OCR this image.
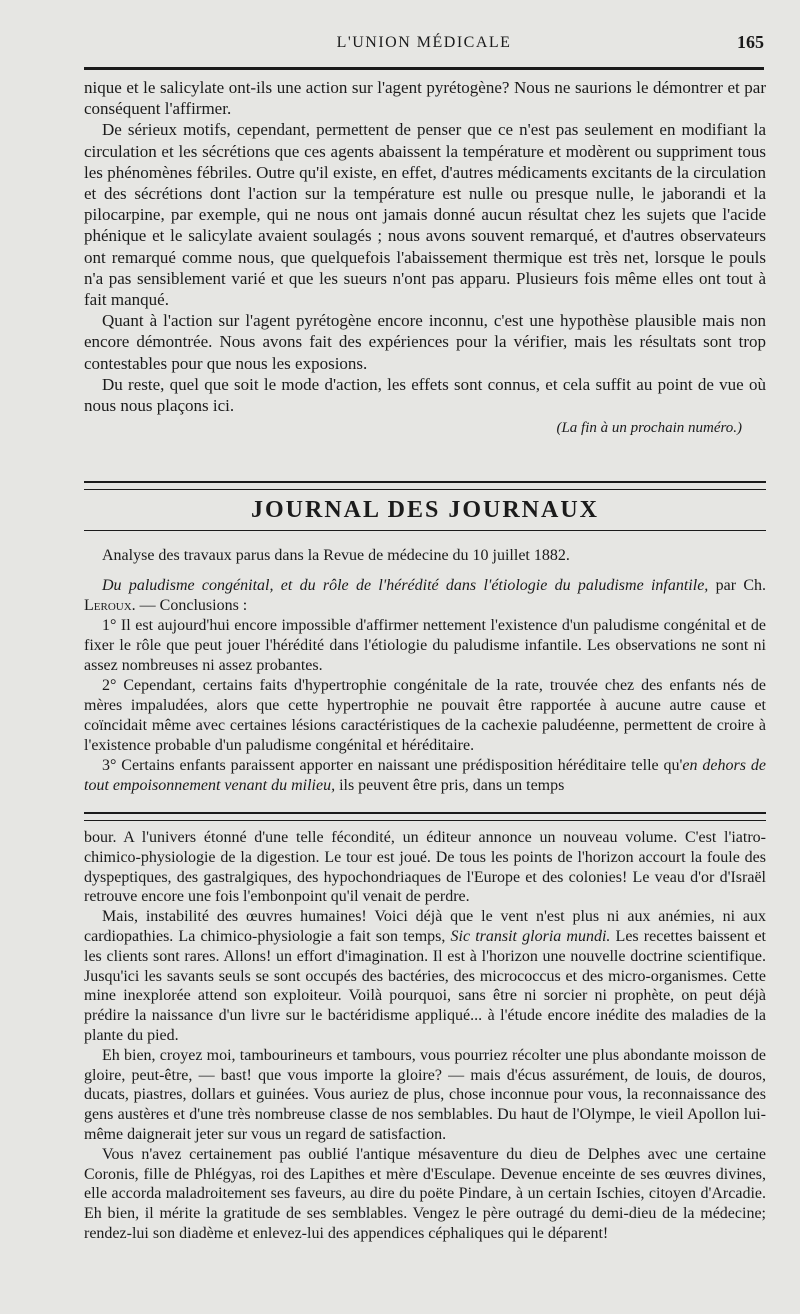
L'UNION MÉDICALE	165

nique et le salicylate ont-ils une action sur l'agent pyrétogène? Nous ne saurions le démontrer et par conséquent l'affirmer.

De sérieux motifs, cependant, permettent de penser que ce n'est pas seulement en modifiant la circulation et les sécrétions que ces agents abaissent la température et modèrent ou suppriment tous les phénomènes fébriles. Outre qu'il existe, en effet, d'autres médicaments excitants de la circulation et des sécrétions dont l'action sur la température est nulle ou presque nulle, le jaborandi et la pilocarpine, par exemple, qui ne nous ont jamais donné aucun résultat chez les sujets que l'acide phénique et le salicylate avaient soulagés ; nous avons souvent remarqué, et d'autres observateurs ont remarqué comme nous, que quelquefois l'abaissement thermique est très net, lorsque le pouls n'a pas sensiblement varié et que les sueurs n'ont pas apparu. Plusieurs fois même elles ont tout à fait manqué.

Quant à l'action sur l'agent pyrétogène encore inconnu, c'est une hypothèse plausible mais non encore démontrée. Nous avons fait des expériences pour la vérifier, mais les résultats sont trop contestables pour que nous les exposions.

Du reste, quel que soit le mode d'action, les effets sont connus, et cela suffit au point de vue où nous nous plaçons ici.

(La fin à un prochain numéro.)

JOURNAL DES JOURNAUX

Analyse des travaux parus dans la Revue de médecine du 10 juillet 1882.

Du paludisme congénital, et du rôle de l'hérédité dans l'étiologie du paludisme infantile, par Ch. Leroux. — Conclusions :

1° Il est aujourd'hui encore impossible d'affirmer nettement l'existence d'un paludisme congénital et de fixer le rôle que peut jouer l'hérédité dans l'étiologie du paludisme infantile. Les observations ne sont ni assez nombreuses ni assez probantes.

2° Cependant, certains faits d'hypertrophie congénitale de la rate, trouvée chez des enfants nés de mères impaludées, alors que cette hypertrophie ne pouvait être rapportée à aucune autre cause et coïncidait même avec certaines lésions caractéristiques de la cachexie paludéenne, permettent de croire à l'existence probable d'un paludisme congénital et héréditaire.

3° Certains enfants paraissent apporter en naissant une prédisposition héréditaire telle qu'en dehors de tout empoisonnement venant du milieu, ils peuvent être pris, dans un temps

bour. A l'univers étonné d'une telle fécondité, un éditeur annonce un nouveau volume. C'est l'iatro-chimico-physiologie de la digestion. Le tour est joué. De tous les points de l'horizon accourt la foule des dyspeptiques, des gastralgiques, des hypochondriaques de l'Europe et des colonies! Le veau d'or d'Israël retrouve encore une fois l'embonpoint qu'il venait de perdre.

Mais, instabilité des œuvres humaines! Voici déjà que le vent n'est plus ni aux anémies, ni aux cardiopathies. La chimico-physiologie a fait son temps, Sic transit gloria mundi. Les recettes baissent et les clients sont rares. Allons! un effort d'imagination. Il est à l'horizon une nouvelle doctrine scientifique. Jusqu'ici les savants seuls se sont occupés des bactéries, des micrococcus et des micro-organismes. Cette mine inexplorée attend son exploiteur. Voilà pourquoi, sans être ni sorcier ni prophète, on peut déjà prédire la naissance d'un livre sur le bactéridisme appliqué... à l'étude encore inédite des maladies de la plante du pied.

Eh bien, croyez moi, tambourineurs et tambours, vous pourriez récolter une plus abondante moisson de gloire, peut-être, — bast! que vous importe la gloire? — mais d'écus assurément, de louis, de douros, ducats, piastres, dollars et guinées. Vous auriez de plus, chose inconnue pour vous, la reconnaissance des gens austères et d'une très nombreuse classe de nos semblables. Du haut de l'Olympe, le vieil Apollon lui-même daignerait jeter sur vous un regard de satisfaction.

Vous n'avez certainement pas oublié l'antique mésaventure du dieu de Delphes avec une certaine Coronis, fille de Phlégyas, roi des Lapithes et mère d'Esculape. Devenue enceinte de ses œuvres divines, elle accorda maladroitement ses faveurs, au dire du poëte Pindare, à un certain Ischies, citoyen d'Arcadie. Eh bien, il mérite la gratitude de ses semblables. Vengez le père outragé du demi-dieu de la médecine; rendez-lui son diadème et enlevez-lui des appendices céphaliques qui le déparent!
